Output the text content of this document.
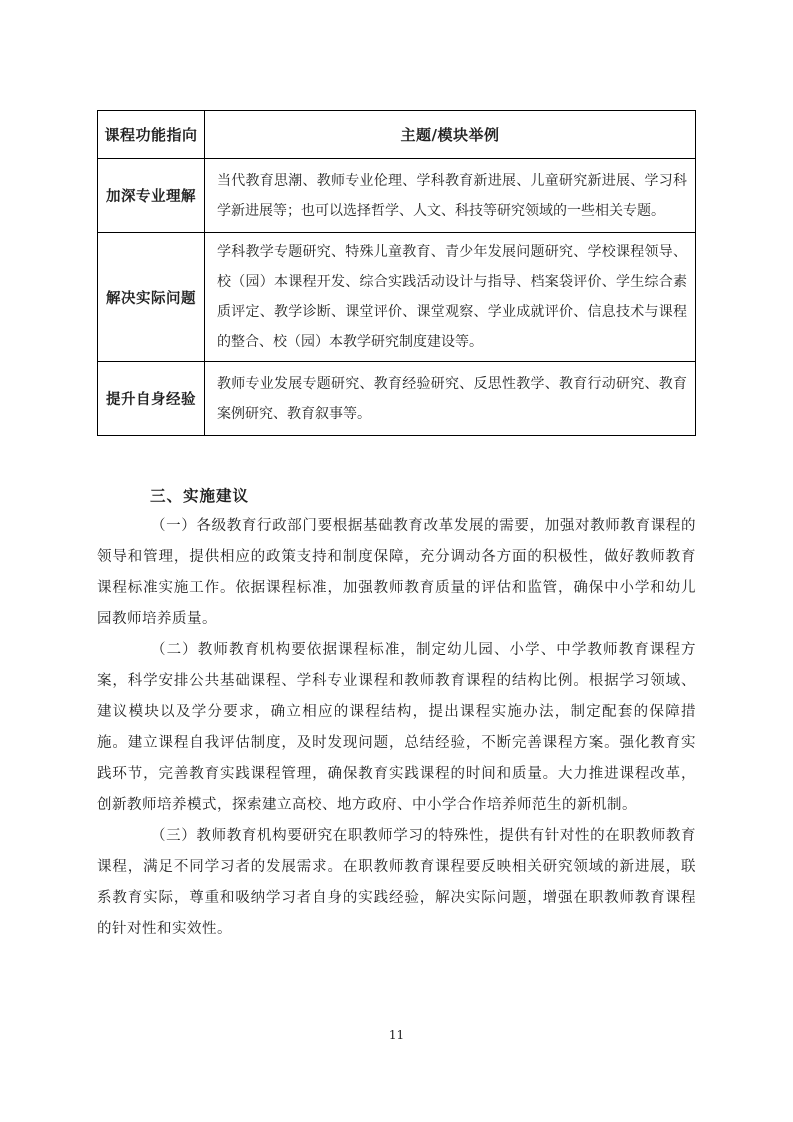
课程功能指向	主题/模块举例
加深专业理解	当代教育思潮、教师专业伦理、学科教育新进展、儿童研究新进展、学习科学新进展等；也可以选择哲学、人文、科技等研究领域的一些相关专题。
解决实际问题	学科教学专题研究、特殊儿童教育、青少年发展问题研究、学校课程领导、校（园）本课程开发、综合实践活动设计与指导、档案袋评价、学生综合素质评定、教学诊断、课堂评价、课堂观察、学业成就评价、信息技术与课程的整合、校（园）本教学研究制度建设等。
提升自身经验	教师专业发展专题研究、教育经验研究、反思性教学、教育行动研究、教育案例研究、教育叙事等。
三、实施建议

（一）各级教育行政部门要根据基础教育改革发展的需要，加强对教师教育课程的领导和管理，提供相应的政策支持和制度保障，充分调动各方面的积极性，做好教师教育课程标准实施工作。依据课程标准，加强教师教育质量的评估和监管，确保中小学和幼儿园教师培养质量。

（二）教师教育机构要依据课程标准，制定幼儿园、小学、中学教师教育课程方案，科学安排公共基础课程、学科专业课程和教师教育课程的结构比例。根据学习领域、建议模块以及学分要求，确立相应的课程结构，提出课程实施办法，制定配套的保障措施。建立课程自我评估制度，及时发现问题，总结经验，不断完善课程方案。强化教育实践环节，完善教育实践课程管理，确保教育实践课程的时间和质量。大力推进课程改革，创新教师培养模式，探索建立高校、地方政府、中小学合作培养师范生的新机制。

（三）教师教育机构要研究在职教师学习的特殊性，提供有针对性的在职教师教育课程，满足不同学习者的发展需求。在职教师教育课程要反映相关研究领域的新进展，联系教育实际，尊重和吸纳学习者自身的实践经验，解决实际问题，增强在职教师教育课程的针对性和实效性。

11
